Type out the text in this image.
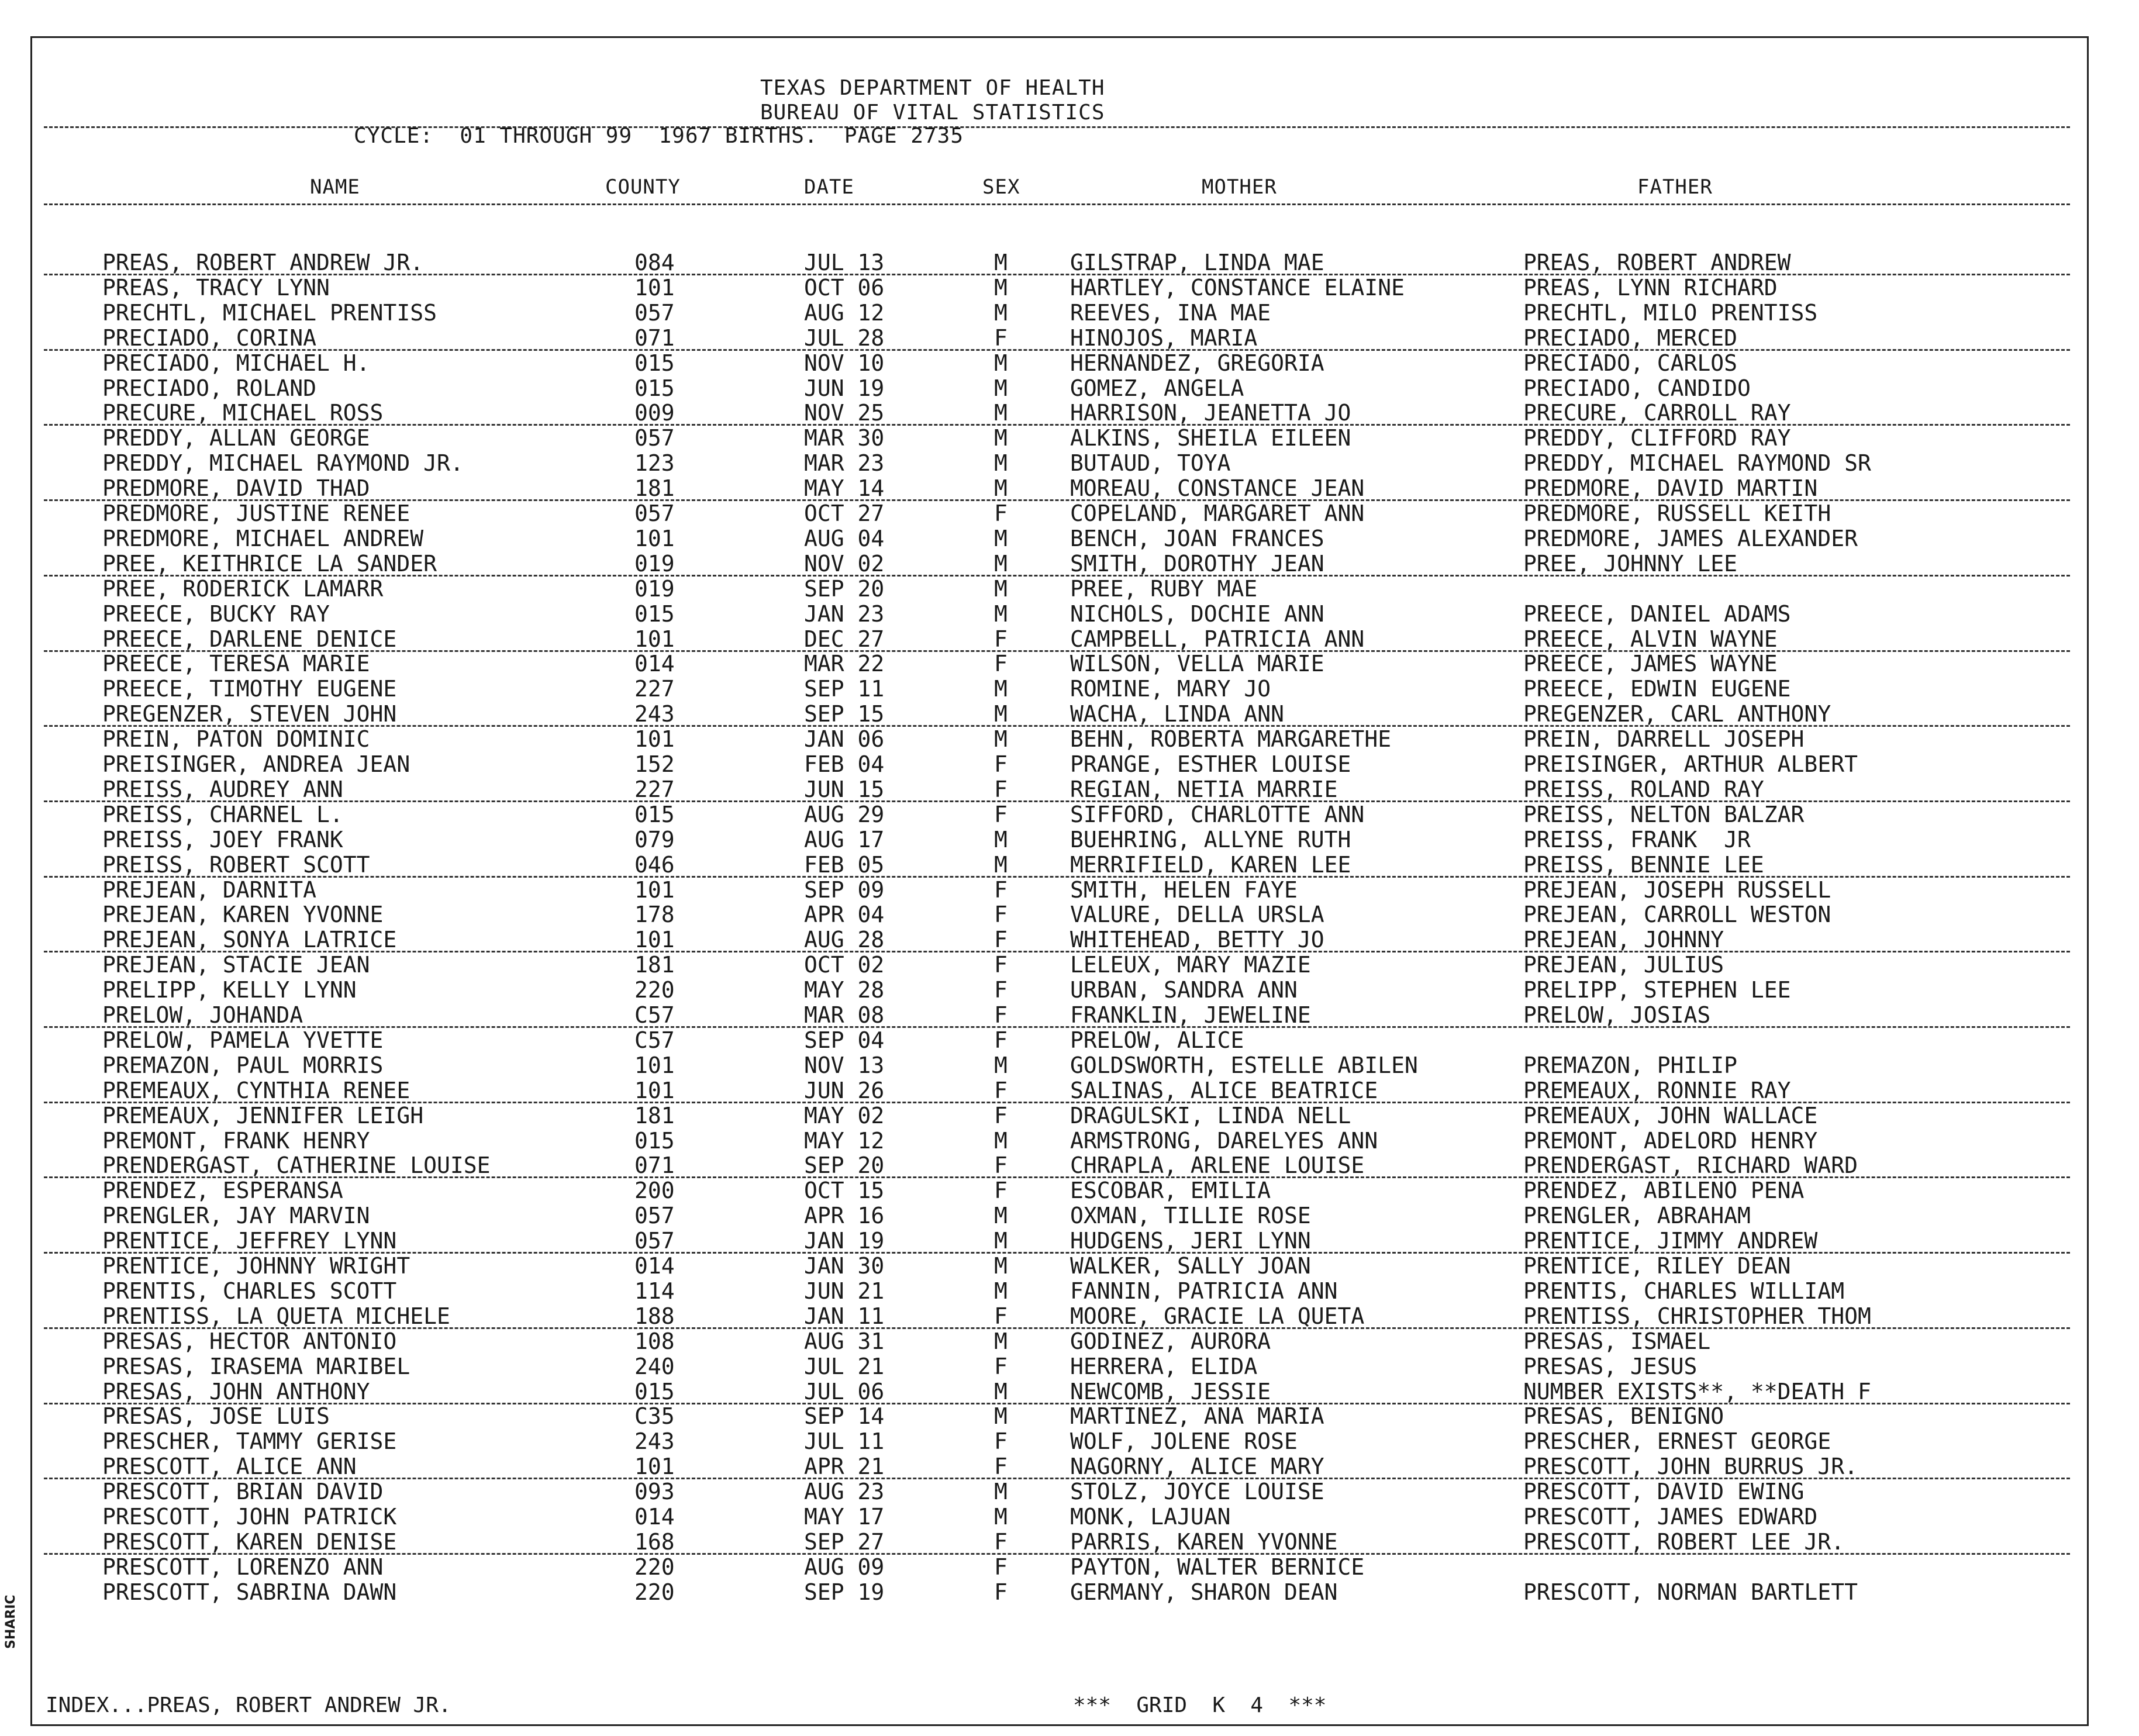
TEXAS DEPARTMENT OF HEALTH
BUREAU OF VITAL STATISTICS
CYCLE:  01 THROUGH 99  1967 BIRTHS.  PAGE 2735
NAME	COUNTY	DATE	SEX	MOTHER	FATHER
PREAS, ROBERT ANDREW JR.	084	JUL 13	M	GILSTRAP, LINDA MAE	PREAS, ROBERT ANDREW
PREAS, TRACY LYNN	101	OCT 06	M	HARTLEY, CONSTANCE ELAINE	PREAS, LYNN RICHARD
PRECHTL, MICHAEL PRENTISS	057	AUG 12	M	REEVES, INA MAE	PRECHTL, MILO PRENTISS
PRECIADO, CORINA	071	JUL 28	F	HINOJOS, MARIA	PRECIADO, MERCED
PRECIADO, MICHAEL H.	015	NOV 10	M	HERNANDEZ, GREGORIA	PRECIADO, CARLOS
PRECIADO, ROLAND	015	JUN 19	M	GOMEZ, ANGELA	PRECIADO, CANDIDO
PRECURE, MICHAEL ROSS	009	NOV 25	M	HARRISON, JEANETTA JO	PRECURE, CARROLL RAY
PREDDY, ALLAN GEORGE	057	MAR 30	M	ALKINS, SHEILA EILEEN	PREDDY, CLIFFORD RAY
PREDDY, MICHAEL RAYMOND JR.	123	MAR 23	M	BUTAUD, TOYA	PREDDY, MICHAEL RAYMOND SR
PREDMORE, DAVID THAD	181	MAY 14	M	MOREAU, CONSTANCE JEAN	PREDMORE, DAVID MARTIN
PREDMORE, JUSTINE RENEE	057	OCT 27	F	COPELAND, MARGARET ANN	PREDMORE, RUSSELL KEITH
PREDMORE, MICHAEL ANDREW	101	AUG 04	M	BENCH, JOAN FRANCES	PREDMORE, JAMES ALEXANDER
PREE, KEITHRICE LA SANDER	019	NOV 02	M	SMITH, DOROTHY JEAN	PREE, JOHNNY LEE
PREE, RODERICK LAMARR	019	SEP 20	M	PREE, RUBY MAE
PREECE, BUCKY RAY	015	JAN 23	M	NICHOLS, DOCHIE ANN	PREECE, DANIEL ADAMS
PREECE, DARLENE DENICE	101	DEC 27	F	CAMPBELL, PATRICIA ANN	PREECE, ALVIN WAYNE
PREECE, TERESA MARIE	014	MAR 22	F	WILSON, VELLA MARIE	PREECE, JAMES WAYNE
PREECE, TIMOTHY EUGENE	227	SEP 11	M	ROMINE, MARY JO	PREECE, EDWIN EUGENE
PREGENZER, STEVEN JOHN	243	SEP 15	M	WACHA, LINDA ANN	PREGENZER, CARL ANTHONY
PREIN, PATON DOMINIC	101	JAN 06	M	BEHN, ROBERTA MARGARETHE	PREIN, DARRELL JOSEPH
PREISINGER, ANDREA JEAN	152	FEB 04	F	PRANGE, ESTHER LOUISE	PREISINGER, ARTHUR ALBERT
PREISS, AUDREY ANN	227	JUN 15	F	REGIAN, NETIA MARRIE	PREISS, ROLAND RAY
PREISS, CHARNEL L.	015	AUG 29	F	SIFFORD, CHARLOTTE ANN	PREISS, NELTON BALZAR
PREISS, JOEY FRANK	079	AUG 17	M	BUEHRING, ALLYNE RUTH	PREISS, FRANK  JR
PREISS, ROBERT SCOTT	046	FEB 05	M	MERRIFIELD, KAREN LEE	PREISS, BENNIE LEE
PREJEAN, DARNITA	101	SEP 09	F	SMITH, HELEN FAYE	PREJEAN, JOSEPH RUSSELL
PREJEAN, KAREN YVONNE	178	APR 04	F	VALURE, DELLA URSLA	PREJEAN, CARROLL WESTON
PREJEAN, SONYA LATRICE	101	AUG 28	F	WHITEHEAD, BETTY JO	PREJEAN, JOHNNY
PREJEAN, STACIE JEAN	181	OCT 02	F	LELEUX, MARY MAZIE	PREJEAN, JULIUS
PRELIPP, KELLY LYNN	220	MAY 28	F	URBAN, SANDRA ANN	PRELIPP, STEPHEN LEE
PRELOW, JOHANDA	C57	MAR 08	F	FRANKLIN, JEWELINE	PRELOW, JOSIAS
PRELOW, PAMELA YVETTE	C57	SEP 04	F	PRELOW, ALICE
PREMAZON, PAUL MORRIS	101	NOV 13	M	GOLDSWORTH, ESTELLE ABILEN	PREMAZON, PHILIP
PREMEAUX, CYNTHIA RENEE	101	JUN 26	F	SALINAS, ALICE BEATRICE	PREMEAUX, RONNIE RAY
PREMEAUX, JENNIFER LEIGH	181	MAY 02	F	DRAGULSKI, LINDA NELL	PREMEAUX, JOHN WALLACE
PREMONT, FRANK HENRY	015	MAY 12	M	ARMSTRONG, DARELYES ANN	PREMONT, ADELORD HENRY
PRENDERGAST, CATHERINE LOUISE	071	SEP 20	F	CHRAPLA, ARLENE LOUISE	PRENDERGAST, RICHARD WARD
PRENDEZ, ESPERANSA	200	OCT 15	F	ESCOBAR, EMILIA	PRENDEZ, ABILENO PENA
PRENGLER, JAY MARVIN	057	APR 16	M	OXMAN, TILLIE ROSE	PRENGLER, ABRAHAM
PRENTICE, JEFFREY LYNN	057	JAN 19	M	HUDGENS, JERI LYNN	PRENTICE, JIMMY ANDREW
PRENTICE, JOHNNY WRIGHT	014	JAN 30	M	WALKER, SALLY JOAN	PRENTICE, RILEY DEAN
PRENTIS, CHARLES SCOTT	114	JUN 21	M	FANNIN, PATRICIA ANN	PRENTIS, CHARLES WILLIAM
PRENTISS, LA QUETA MICHELE	188	JAN 11	F	MOORE, GRACIE LA QUETA	PRENTISS, CHRISTOPHER THOM
PRESAS, HECTOR ANTONIO	108	AUG 31	M	GODINEZ, AURORA	PRESAS, ISMAEL
PRESAS, IRASEMA MARIBEL	240	JUL 21	F	HERRERA, ELIDA	PRESAS, JESUS
PRESAS, JOHN ANTHONY	015	JUL 06	M	NEWCOMB, JESSIE	NUMBER EXISTS**, **DEATH F
PRESAS, JOSE LUIS	C35	SEP 14	M	MARTINEZ, ANA MARIA	PRESAS, BENIGNO
PRESCHER, TAMMY GERISE	243	JUL 11	F	WOLF, JOLENE ROSE	PRESCHER, ERNEST GEORGE
PRESCOTT, ALICE ANN	101	APR 21	F	NAGORNY, ALICE MARY	PRESCOTT, JOHN BURRUS JR.
PRESCOTT, BRIAN DAVID	093	AUG 23	M	STOLZ, JOYCE LOUISE	PRESCOTT, DAVID EWING
PRESCOTT, JOHN PATRICK	014	MAY 17	M	MONK, LAJUAN	PRESCOTT, JAMES EDWARD
PRESCOTT, KAREN DENISE	168	SEP 27	F	PARRIS, KAREN YVONNE	PRESCOTT, ROBERT LEE JR.
PRESCOTT, LORENZO ANN	220	AUG 09	F	PAYTON, WALTER BERNICE
PRESCOTT, SABRINA DAWN	220	SEP 19	F	GERMANY, SHARON DEAN	PRESCOTT, NORMAN BARTLETT
INDEX...PREAS, ROBERT ANDREW JR.	***  GRID  K  4  ***
SHARIC
